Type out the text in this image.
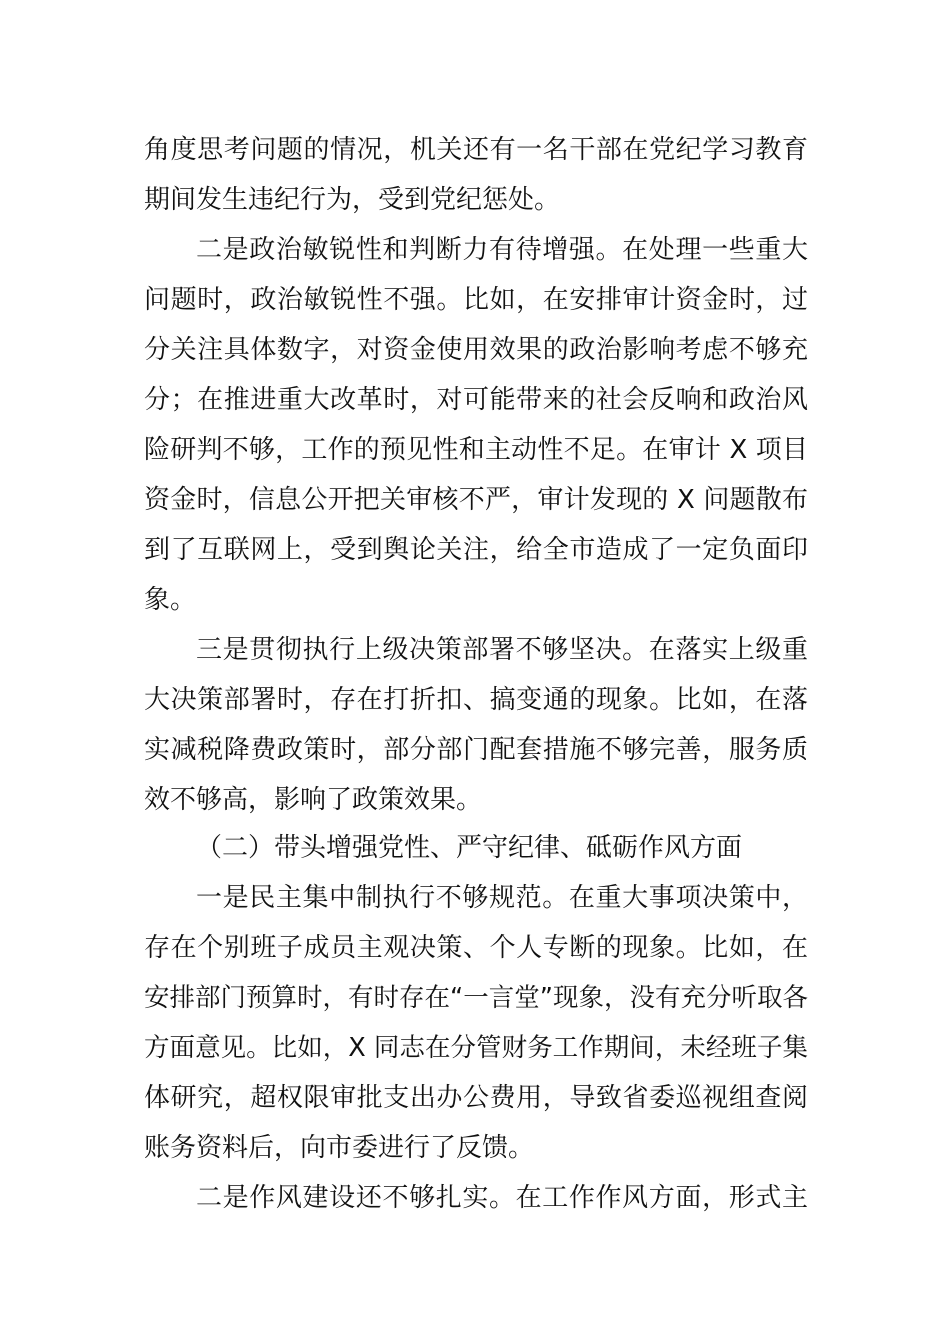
角度思考问题的情况，机关还有一名干部在党纪学习教育
期间发生违纪行为，受到党纪惩处。
二是政治敏锐性和判断力有待增强。在处理一些重大
问题时，政治敏锐性不强。比如，在安排审计资金时，过
分关注具体数字，对资金使用效果的政治影响考虑不够充
分；在推进重大改革时，对可能带来的社会反响和政治风
险研判不够，工作的预见性和主动性不足。在审计 X 项目
资金时，信息公开把关审核不严，审计发现的 X 问题散布
到了互联网上，受到舆论关注，给全市造成了一定负面印
象。
三是贯彻执行上级决策部署不够坚决。在落实上级重
大决策部署时，存在打折扣、搞变通的现象。比如，在落
实减税降费政策时，部分部门配套措施不够完善，服务质
效不够高，影响了政策效果。
（二）带头增强党性、严守纪律、砥砺作风方面
一是民主集中制执行不够规范。在重大事项决策中，
存在个别班子成员主观决策、个人专断的现象。比如，在
安排部门预算时，有时存在“一言堂”现象，没有充分听取各
方面意见。比如，X 同志在分管财务工作期间，未经班子集
体研究，超权限审批支出办公费用，导致省委巡视组查阅
账务资料后，向市委进行了反馈。
二是作风建设还不够扎实。在工作作风方面，形式主
